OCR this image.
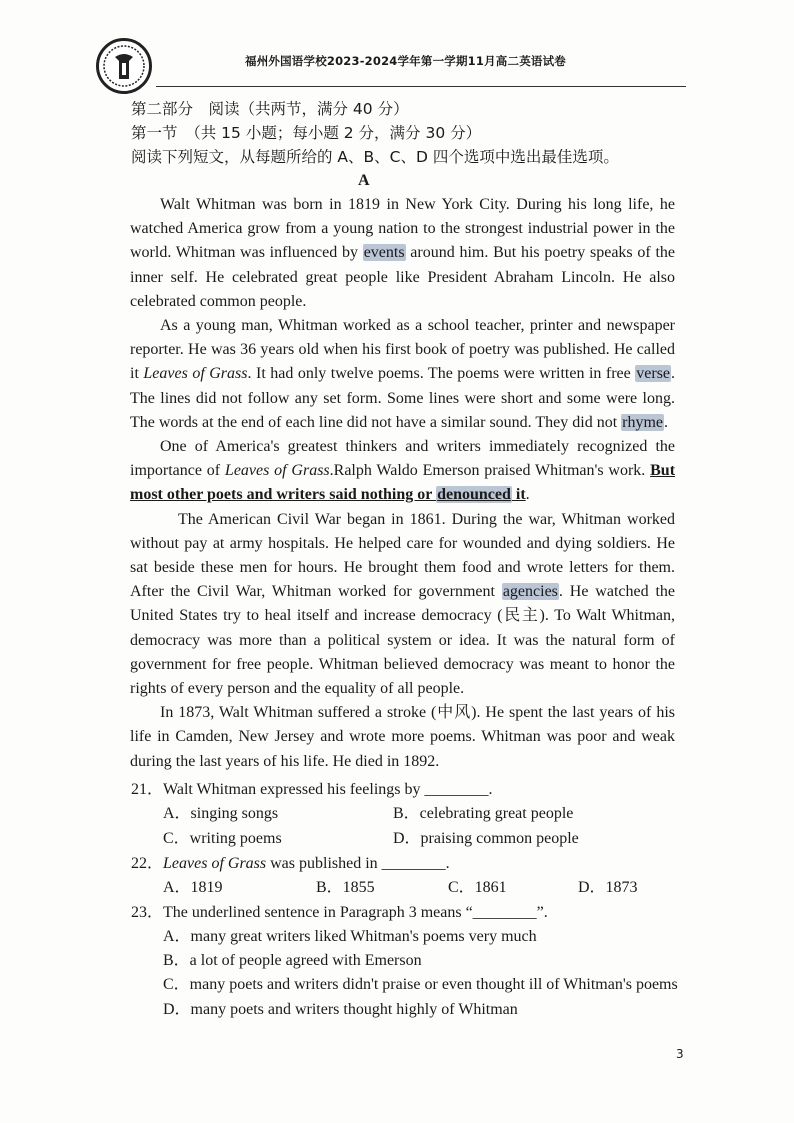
福州外国语学校2023-2024学年第一学期11月高二英语试卷
第二部分　阅读（共两节，满分 40 分）
第一节　（共 15 小题；每小题 2 分，满分 30 分）
阅读下列短文，从每题所给的 A、B、C、D 四个选项中选出最佳选项。
A

Walt Whitman was born in 1819 in New York City. During his long life, he watched America grow from a young nation to the strongest industrial power in the world. Whitman was influenced by events around him. But his poetry speaks of the inner self. He celebrated great people like President Abraham Lincoln. He also celebrated common people.

As a young man, Whitman worked as a school teacher, printer and newspaper reporter. He was 36 years old when his first book of poetry was published. He called it Leaves of Grass. It had only twelve poems. The poems were written in free verse. The lines did not follow any set form. Some lines were short and some were long. The words at the end of each line did not have a similar sound. They did not rhyme.

One of America's greatest thinkers and writers immediately recognized the importance of Leaves of Grass.Ralph Waldo Emerson praised Whitman's work. But most other poets and writers said nothing or denounced it.

The American Civil War began in 1861. During the war, Whitman worked without pay at army hospitals. He helped care for wounded and dying soldiers. He sat beside these men for hours. He brought them food and wrote letters for them. After the Civil War, Whitman worked for government agencies. He watched the United States try to heal itself and increase democracy (民主). To Walt Whitman, democracy was more than a political system or idea. It was the natural form of government for free people. Whitman believed democracy was meant to honor the rights of every person and the equality of all people.

In 1873, Walt Whitman suffered a stroke (中风). He spent the last years of his life in Camden, New Jersey and wrote more poems. Whitman was poor and weak during the last years of his life. He died in 1892.

21．Walt Whitman expressed his feelings by ________.
A．singing songs	B．celebrating great people
C．writing poems	D．praising common people
22．Leaves of Grass was published in ________.
A．1819	B．1855	C．1861	D．1873
23．The underlined sentence in Paragraph 3 means “________”.
A．many great writers liked Whitman's poems very much
B．a lot of people agreed with Emerson
C．many poets and writers didn't praise or even thought ill of Whitman's poems
D．many poets and writers thought highly of Whitman
3
